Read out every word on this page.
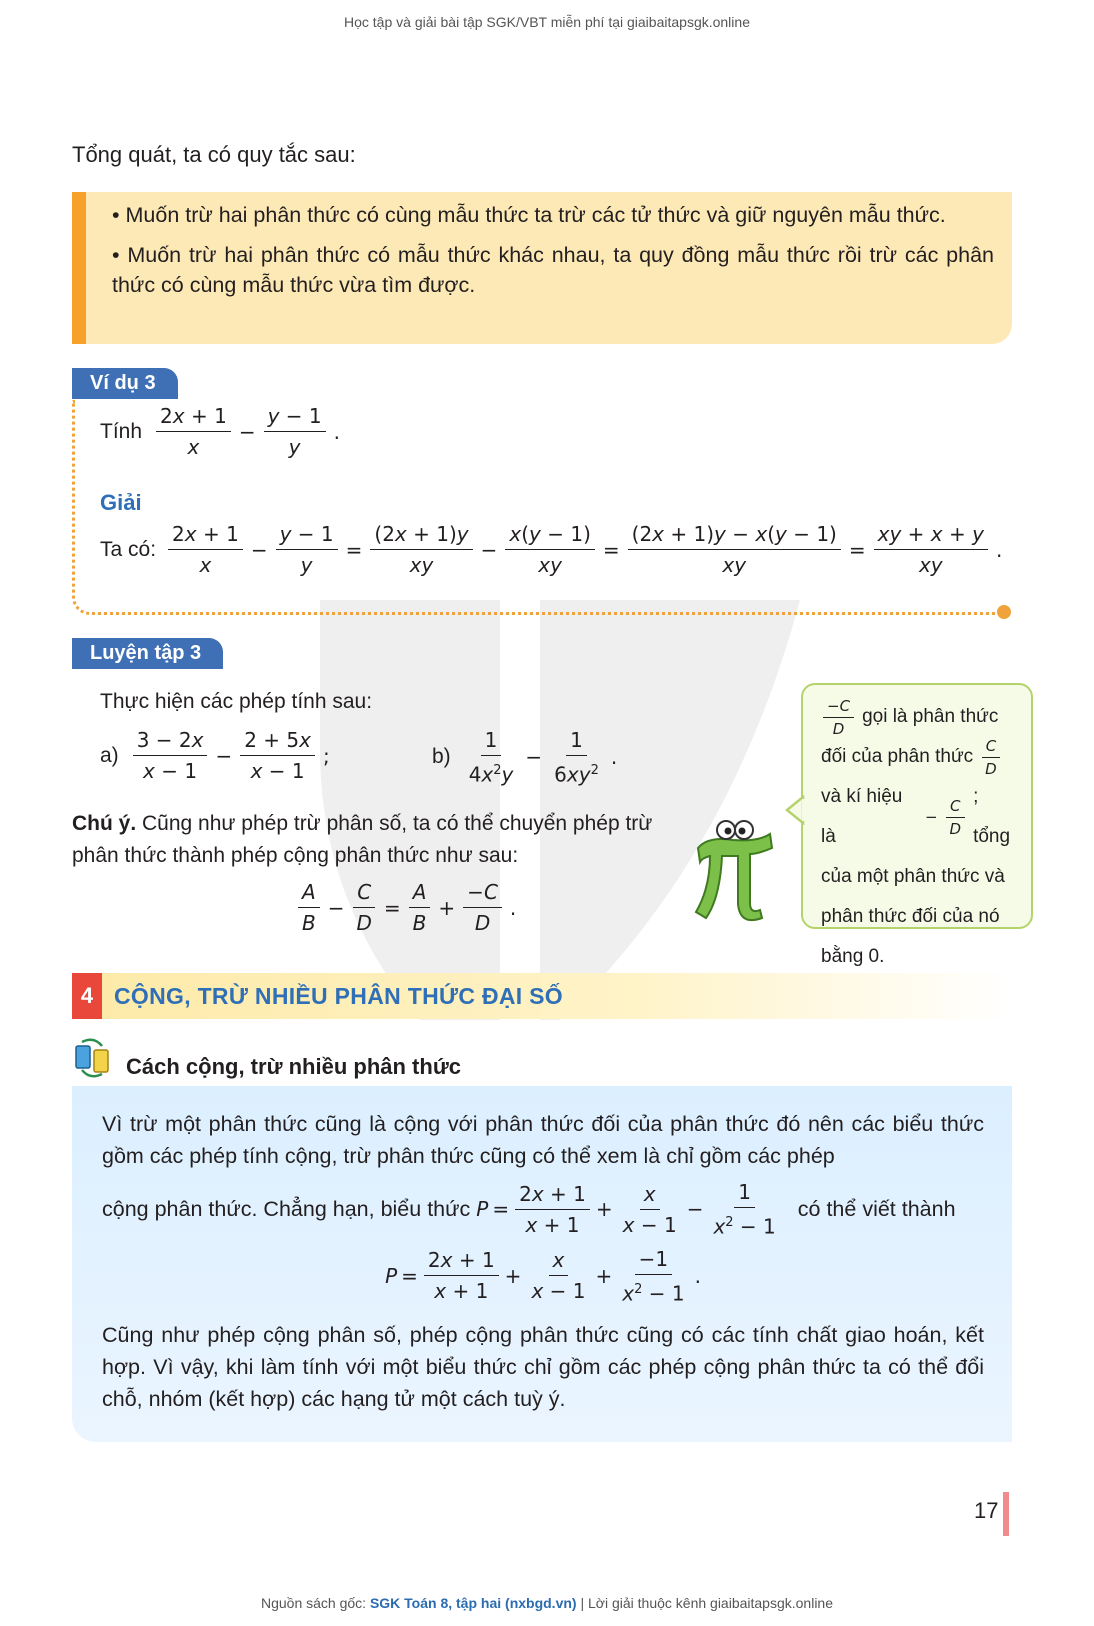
Học tập và giải bài tập SGK/VBT miễn phí tại giaibaitapsgk.online
Tổng quát, ta có quy tắc sau:

• Muốn trừ hai phân thức có cùng mẫu thức ta trừ các tử thức và giữ nguyên mẫu thức.

• Muốn trừ hai phân thức có mẫu thức khác nhau, ta quy đồng mẫu thức rồi trừ các phân thức có cùng mẫu thức vừa tìm được.

Ví dụ 3
Tính $\frac{2x + 1}{x} - \frac{y - 1}{y}$ .
Giải
Ta có: $\frac{2x + 1}{x} - \frac{y - 1}{y} = \frac{(2x + 1)y}{xy} - \frac{x(y - 1)}{xy} = \frac{(2x + 1)y - x(y - 1)}{xy} = \frac{xy + x + y}{xy}$ .
Luyện tập 3
Thực hiện các phép tính sau:
$a) \frac{3 - 2x}{x - 1} - \frac{2 + 5x}{x - 1}$ ;	$b) \frac{1}{4x^2y} - \frac{1}{6xy^2}$ .
Chú ý. Cũng như phép trừ phân số, ta có thể chuyển phép trừ phân thức thành phép cộng phân thức như sau:
$\frac{A}{B} - \frac{C}{D} = \frac{A}{B} + \frac{-C}{D}$ .
$\frac{-C}{D}$ gọi là phân thức
đối của phân thức $\frac{C}{D}$
và kí hiệu là
− $\frac{C}{D}$
; tổng
của một phân thức và
phân thức đối của nó
bằng 0.
4 CỘNG, TRỪ NHIỀU PHÂN THỨC ĐẠI SỐ
Cách cộng, trừ nhiều phân thức

Vì trừ một phân thức cũng là cộng với phân thức đối của phân thức đó nên các biểu thức gồm các phép tính cộng, trừ phân thức cũng có thể xem là chỉ gồm các phép

cộng phân thức. Chẳng hạn, biểu thức $P = \frac{2x + 1}{x + 1} + \frac{x}{x - 1} - \frac{1}{x^2 - 1}$ có thể viết thành
$P = \frac{2x + 1}{x + 1} + \frac{x}{x - 1} + \frac{-1}{x^2 - 1}$ .

Cũng như phép cộng phân số, phép cộng phân thức cũng có các tính chất giao hoán, kết hợp. Vì vậy, khi làm tính với một biểu thức chỉ gồm các phép cộng phân thức ta có thể đổi chỗ, nhóm (kết hợp) các hạng tử một cách tuỳ ý.

17
Nguồn sách gốc: SGK Toán 8, tập hai (nxbgd.vn) | Lời giải thuộc kênh giaibaitapsgk.online
